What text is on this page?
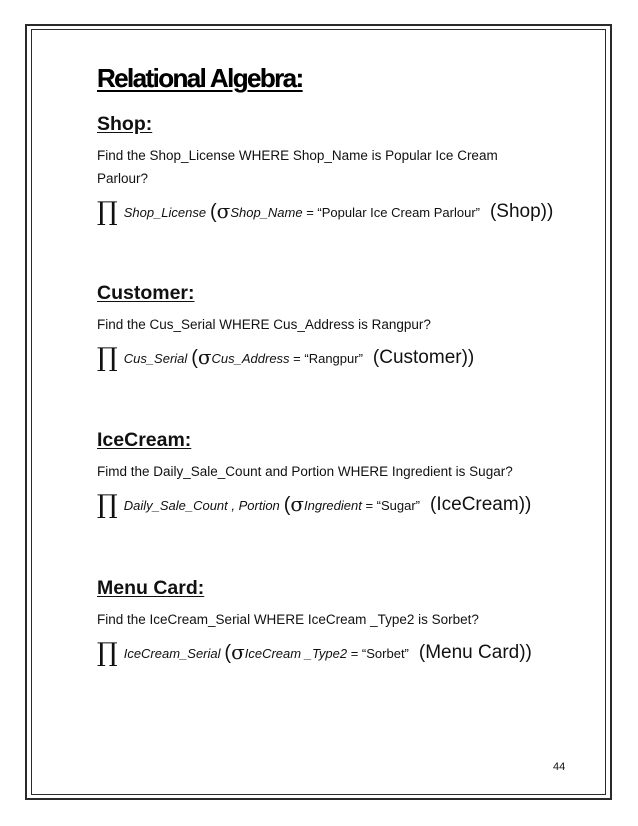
Relational Algebra:
Shop:

Find the Shop_License WHERE Shop_Name is Popular Ice Cream
Parlour?

∏ Shop_License (σShop_Name = “Popular Ice Cream Parlour” (Shop))
Customer:

Find the Cus_Serial WHERE Cus_Address is Rangpur?

∏ Cus_Serial (σCus_Address = “Rangpur” (Customer))
IceCream:

Fimd the Daily_Sale_Count and Portion WHERE Ingredient is Sugar?

∏ Daily_Sale_Count , Portion (σIngredient = “Sugar” (IceCream))
Menu Card:

Find the IceCream_Serial WHERE IceCream _Type2 is Sorbet?

∏ IceCream_Serial (σIceCream _Type2 = “Sorbet” (Menu Card))
44
